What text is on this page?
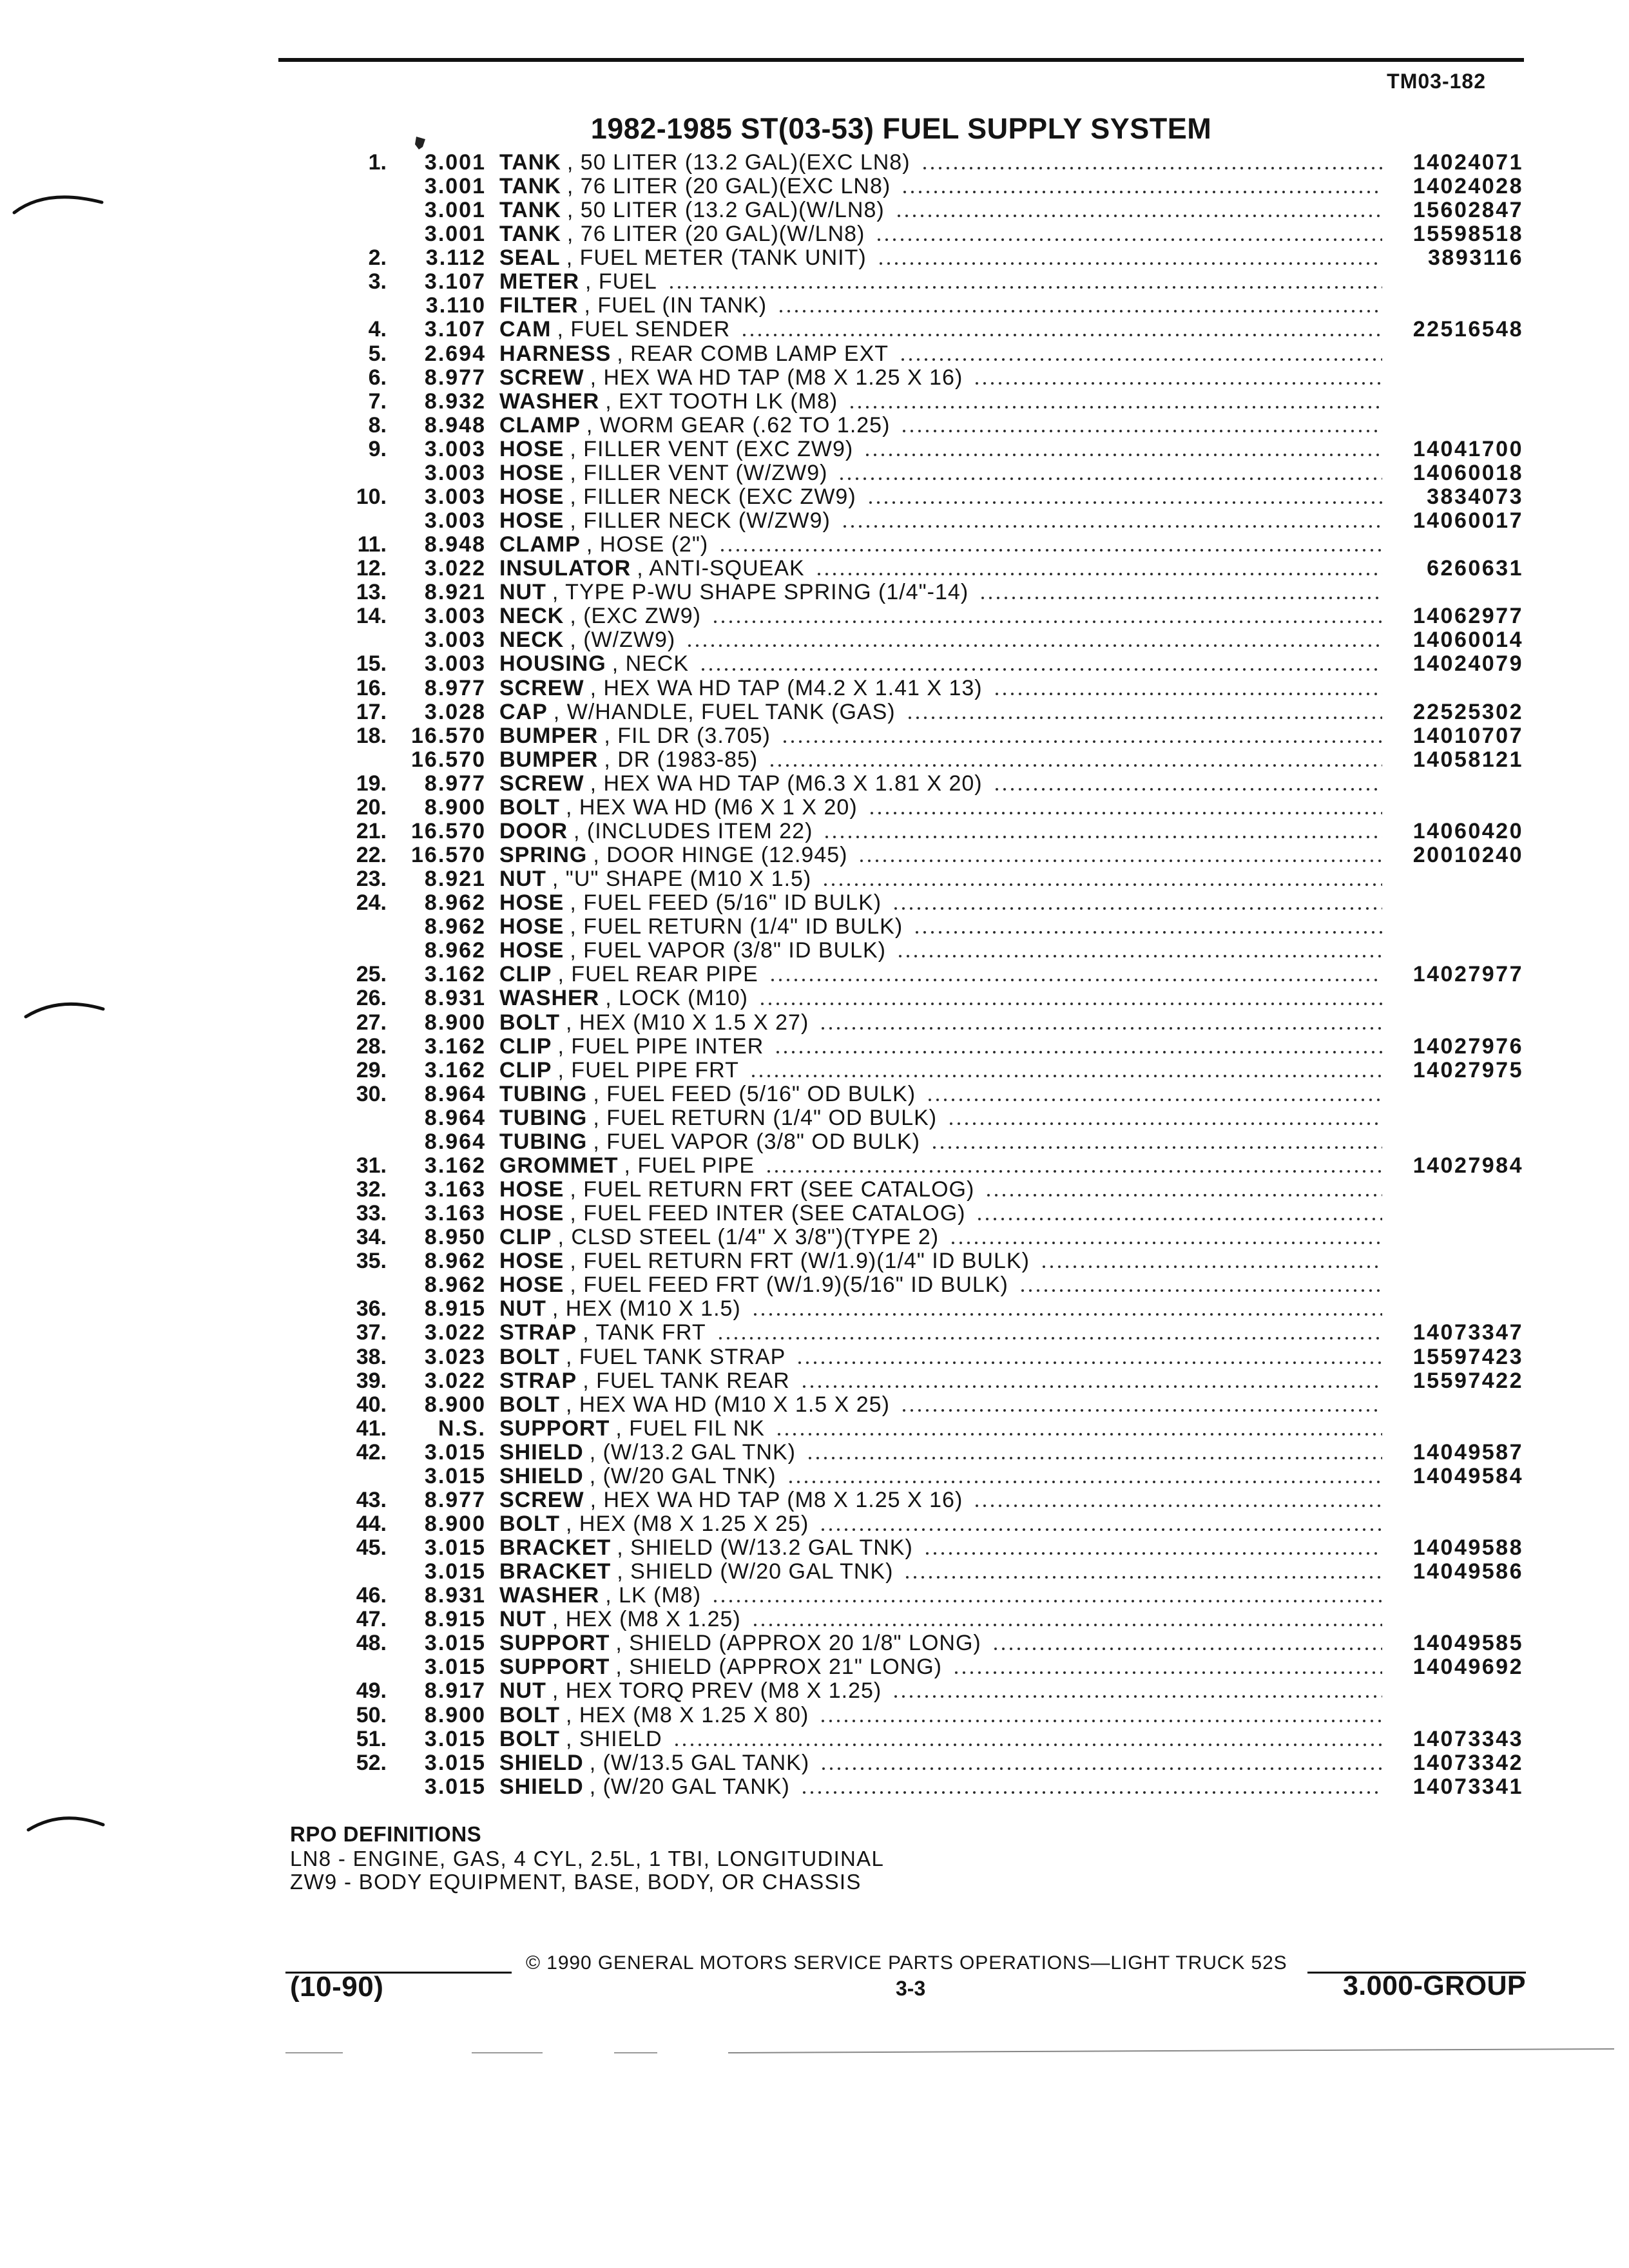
TM03-182
1982-1985 ST(03-53) FUEL SUPPLY SYSTEM
1.	3.001 TANK , 50 LITER (13.2 GAL)(EXC LN8)	14024071
3.001 TANK , 76 LITER (20 GAL)(EXC LN8)	14024028
3.001 TANK , 50 LITER (13.2 GAL)(W/LN8)	15602847
3.001 TANK , 76 LITER (20 GAL)(W/LN8)	15598518
2.	3.112 SEAL , FUEL METER (TANK UNIT)	3893116
3.	3.107 METER , FUEL
3.110 FILTER , FUEL (IN TANK)
4.	3.107 CAM , FUEL SENDER	22516548
5.	2.694 HARNESS , REAR COMB LAMP EXT
6.	8.977 SCREW , HEX WA HD TAP (M8 X 1.25 X 16)
7.	8.932 WASHER , EXT TOOTH LK (M8)
8.	8.948 CLAMP , WORM GEAR (.62 TO 1.25)
9.	3.003 HOSE , FILLER VENT (EXC ZW9)	14041700
3.003 HOSE , FILLER VENT (W/ZW9)	14060018
10.	3.003 HOSE , FILLER NECK (EXC ZW9)	3834073
3.003 HOSE , FILLER NECK (W/ZW9)	14060017
11.	8.948 CLAMP , HOSE (2")
12.	3.022 INSULATOR , ANTI-SQUEAK	6260631
13.	8.921 NUT , TYPE P-WU SHAPE SPRING (1/4"-14)
14.	3.003 NECK , (EXC ZW9)	14062977
3.003 NECK , (W/ZW9)	14060014
15.	3.003 HOUSING , NECK	14024079
16.	8.977 SCREW , HEX WA HD TAP (M4.2 X 1.41 X 13)
17.	3.028 CAP , W/HANDLE, FUEL TANK (GAS)	22525302
18.	16.570 BUMPER , FIL DR (3.705)	14010707
16.570 BUMPER , DR (1983-85)	14058121
19.	8.977 SCREW , HEX WA HD TAP (M6.3 X 1.81 X 20)
20.	8.900 BOLT , HEX WA HD (M6 X 1 X 20)
21.	16.570 DOOR , (INCLUDES ITEM 22)	14060420
22.	16.570 SPRING , DOOR HINGE (12.945)	20010240
23.	8.921 NUT , "U" SHAPE (M10 X 1.5)
24.	8.962 HOSE , FUEL FEED (5/16" ID BULK)
8.962 HOSE , FUEL RETURN (1/4" ID BULK)
8.962 HOSE , FUEL VAPOR (3/8" ID BULK)
25.	3.162 CLIP , FUEL REAR PIPE	14027977
26.	8.931 WASHER , LOCK (M10)
27.	8.900 BOLT , HEX (M10 X 1.5 X 27)
28.	3.162 CLIP , FUEL PIPE INTER	14027976
29.	3.162 CLIP , FUEL PIPE FRT	14027975
30.	8.964 TUBING , FUEL FEED (5/16" OD BULK)
8.964 TUBING , FUEL RETURN (1/4" OD BULK)
8.964 TUBING , FUEL VAPOR (3/8" OD BULK)
31.	3.162 GROMMET , FUEL PIPE	14027984
32.	3.163 HOSE , FUEL RETURN FRT (SEE CATALOG)
33.	3.163 HOSE , FUEL FEED INTER (SEE CATALOG)
34.	8.950 CLIP , CLSD STEEL (1/4" X 3/8")(TYPE 2)
35.	8.962 HOSE , FUEL RETURN FRT (W/1.9)(1/4" ID BULK)
8.962 HOSE , FUEL FEED FRT (W/1.9)(5/16" ID BULK)
36.	8.915 NUT , HEX (M10 X 1.5)
37.	3.022 STRAP , TANK FRT	14073347
38.	3.023 BOLT , FUEL TANK STRAP	15597423
39.	3.022 STRAP , FUEL TANK REAR	15597422
40.	8.900 BOLT , HEX WA HD (M10 X 1.5 X 25)
41.	N.S. SUPPORT , FUEL FIL NK
42.	3.015 SHIELD , (W/13.2 GAL TNK)	14049587
3.015 SHIELD , (W/20 GAL TNK)	14049584
43.	8.977 SCREW , HEX WA HD TAP (M8 X 1.25 X 16)
44.	8.900 BOLT , HEX (M8 X 1.25 X 25)
45.	3.015 BRACKET , SHIELD (W/13.2 GAL TNK)	14049588
3.015 BRACKET , SHIELD (W/20 GAL TNK)	14049586
46.	8.931 WASHER , LK (M8)
47.	8.915 NUT , HEX (M8 X 1.25)
48.	3.015 SUPPORT , SHIELD (APPROX 20 1/8" LONG)	14049585
3.015 SUPPORT , SHIELD (APPROX 21" LONG)	14049692
49.	8.917 NUT , HEX TORQ PREV (M8 X 1.25)
50.	8.900 BOLT , HEX (M8 X 1.25 X 80)
51.	3.015 BOLT , SHIELD	14073343
52.	3.015 SHIELD , (W/13.5 GAL TANK)	14073342
3.015 SHIELD , (W/20 GAL TANK)	14073341
RPO DEFINITIONS
LN8 - ENGINE, GAS, 4 CYL, 2.5L, 1 TBI, LONGITUDINAL
ZW9 - BODY EQUIPMENT, BASE, BODY, OR CHASSIS
© 1990 GENERAL MOTORS SERVICE PARTS OPERATIONS—LIGHT TRUCK 52S
(10-90)	3-3	3.000-GROUP
